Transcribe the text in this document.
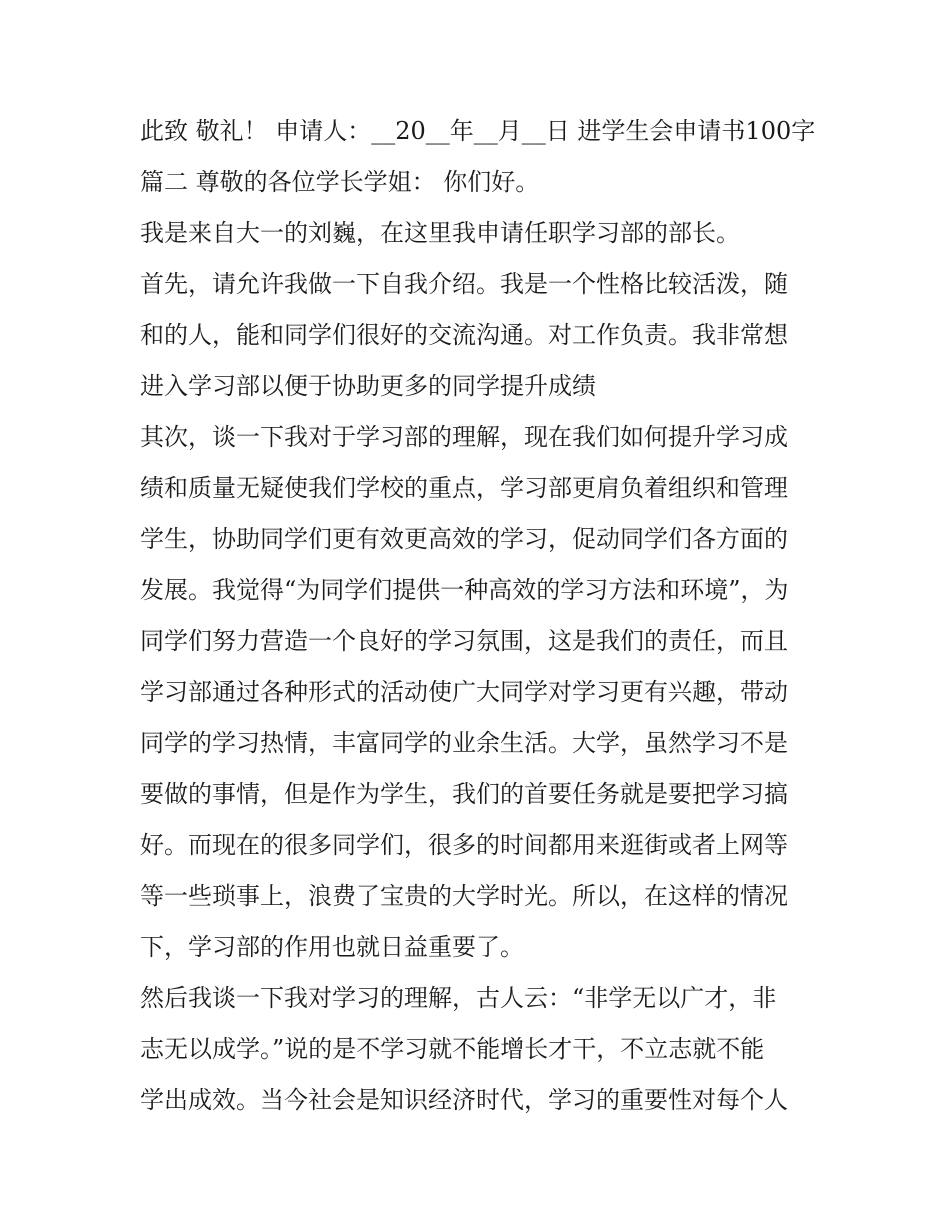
此致 敬礼！ 申请人：__20__年__月__日 进学生会申请书100字
篇二 尊敬的各位学长学姐： 你们好。
我是来自大一的刘巍，在这里我申请任职学习部的部长。
首先，请允许我做一下自我介绍。我是一个性格比较活泼，随
和的人，能和同学们很好的交流沟通。对工作负责。我非常想
进入学习部以便于协助更多的同学提升成绩
其次，谈一下我对于学习部的理解，现在我们如何提升学习成
绩和质量无疑使我们学校的重点，学习部更肩负着组织和管理
学生，协助同学们更有效更高效的学习，促动同学们各方面的
发展。我觉得“为同学们提供一种高效的学习方法和环境”，为
同学们努力营造一个良好的学习氛围，这是我们的责任，而且
学习部通过各种形式的活动使广大同学对学习更有兴趣，带动
同学的学习热情，丰富同学的业余生活。大学，虽然学习不是
要做的事情，但是作为学生，我们的首要任务就是要把学习搞
好。而现在的很多同学们，很多的时间都用来逛街或者上网等
等一些琐事上，浪费了宝贵的大学时光。所以，在这样的情况
下，学习部的作用也就日益重要了。
然后我谈一下我对学习的理解，古人云：“非学无以广才，非
志无以成学。”说的是不学习就不能增长才干，不立志就不能
学出成效。当今社会是知识经济时代，学习的重要性对每个人
